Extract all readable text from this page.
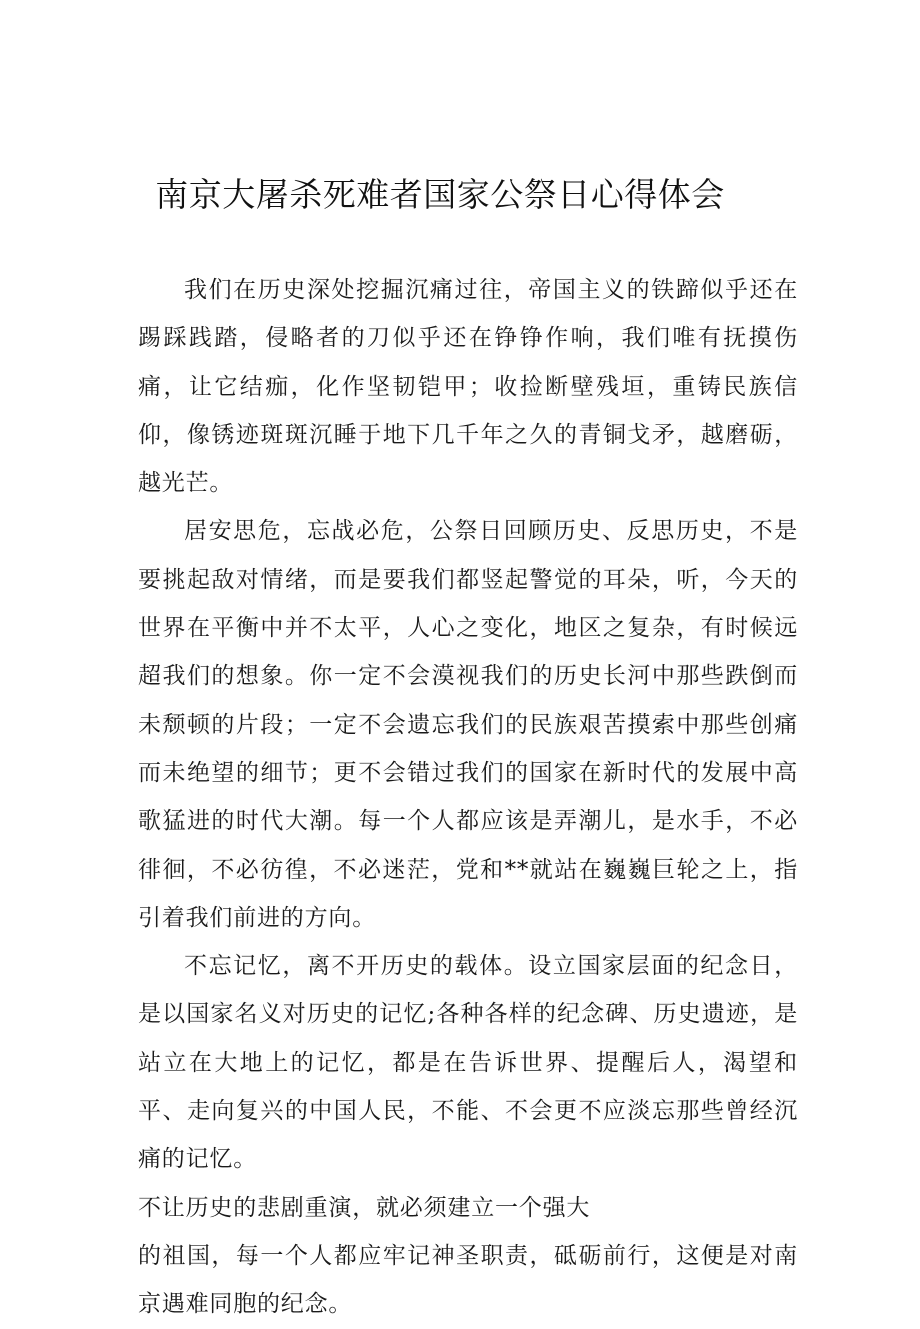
南京大屠杀死难者国家公祭日心得体会

我们在历史深处挖掘沉痛过往，帝国主义的铁蹄似乎还在踢踩践踏，侵略者的刀似乎还在铮铮作响，我们唯有抚摸伤痛，让它结痂，化作坚韧铠甲；收捡断壁残垣，重铸民族信仰，像锈迹斑斑沉睡于地下几千年之久的青铜戈矛，越磨砺，越光芒。

居安思危，忘战必危，公祭日回顾历史、反思历史，不是要挑起敌对情绪，而是要我们都竖起警觉的耳朵，听，今天的世界在平衡中并不太平，人心之变化，地区之复杂，有时候远超我们的想象。你一定不会漠视我们的历史长河中那些跌倒而未颓顿的片段；一定不会遗忘我们的民族艰苦摸索中那些创痛而未绝望的细节；更不会错过我们的国家在新时代的发展中高歌猛进的时代大潮。每一个人都应该是弄潮儿，是水手，不必徘徊，不必彷徨，不必迷茫，党和**就站在巍巍巨轮之上，指引着我们前进的方向。

不忘记忆，离不开历史的载体。设立国家层面的纪念日，是以国家名义对历史的记忆;各种各样的纪念碑、历史遗迹，是站立在大地上的记忆，都是在告诉世界、提醒后人，渴望和平、走向复兴的中国人民，不能、不会更不应淡忘那些曾经沉痛的记忆。

不让历史的悲剧重演，就必须建立一个强大

的祖国，每一个人都应牢记神圣职责，砥砺前行，这便是对南京遇难同胞的纪念。
